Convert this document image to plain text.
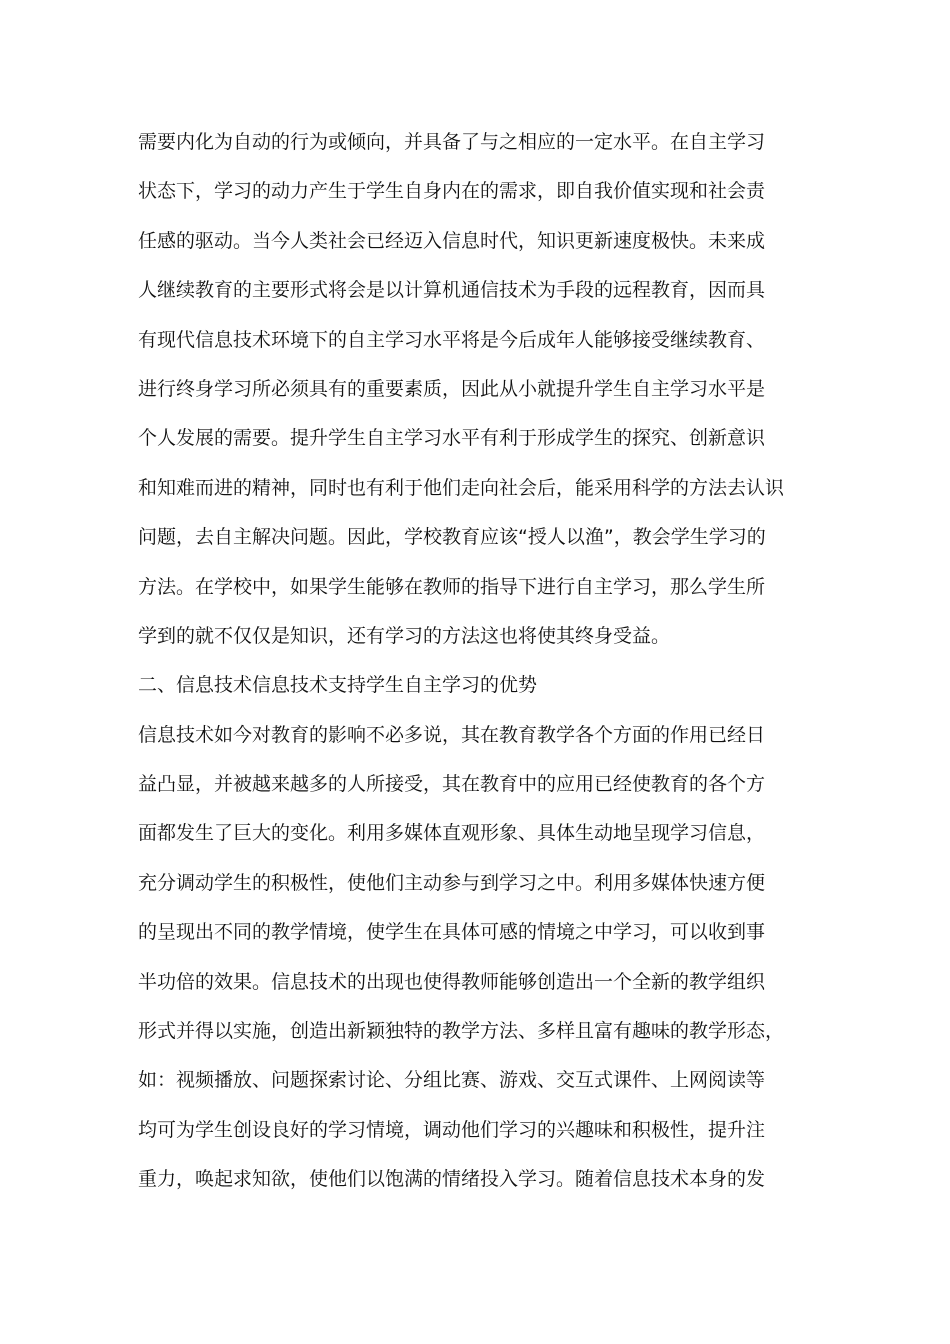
需要内化为自动的行为或倾向，并具备了与之相应的一定水平。在自主学习
状态下，学习的动力产生于学生自身内在的需求，即自我价值实现和社会责
任感的驱动。当今人类社会已经迈入信息时代，知识更新速度极快。未来成
人继续教育的主要形式将会是以计算机通信技术为手段的远程教育，因而具
有现代信息技术环境下的自主学习水平将是今后成年人能够接受继续教育、
进行终身学习所必须具有的重要素质，因此从小就提升学生自主学习水平是
个人发展的需要。提升学生自主学习水平有利于形成学生的探究、创新意识
和知难而进的精神，同时也有利于他们走向社会后，能采用科学的方法去认识
问题，去自主解决问题。因此，学校教育应该“授人以渔”，教会学生学习的
方法。在学校中，如果学生能够在教师的指导下进行自主学习，那么学生所
学到的就不仅仅是知识，还有学习的方法这也将使其终身受益。
二、信息技术信息技术支持学生自主学习的优势
信息技术如今对教育的影响不必多说，其在教育教学各个方面的作用已经日
益凸显，并被越来越多的人所接受，其在教育中的应用已经使教育的各个方
面都发生了巨大的变化。利用多媒体直观形象、具体生动地呈现学习信息，
充分调动学生的积极性，使他们主动参与到学习之中。利用多媒体快速方便
的呈现出不同的教学情境，使学生在具体可感的情境之中学习，可以收到事
半功倍的效果。信息技术的出现也使得教师能够创造出一个全新的教学组织
形式并得以实施，创造出新颖独特的教学方法、多样且富有趣味的教学形态，
如：视频播放、问题探索讨论、分组比赛、游戏、交互式课件、上网阅读等
均可为学生创设良好的学习情境，调动他们学习的兴趣味和积极性，提升注
重力，唤起求知欲，使他们以饱满的情绪投入学习。随着信息技术本身的发
